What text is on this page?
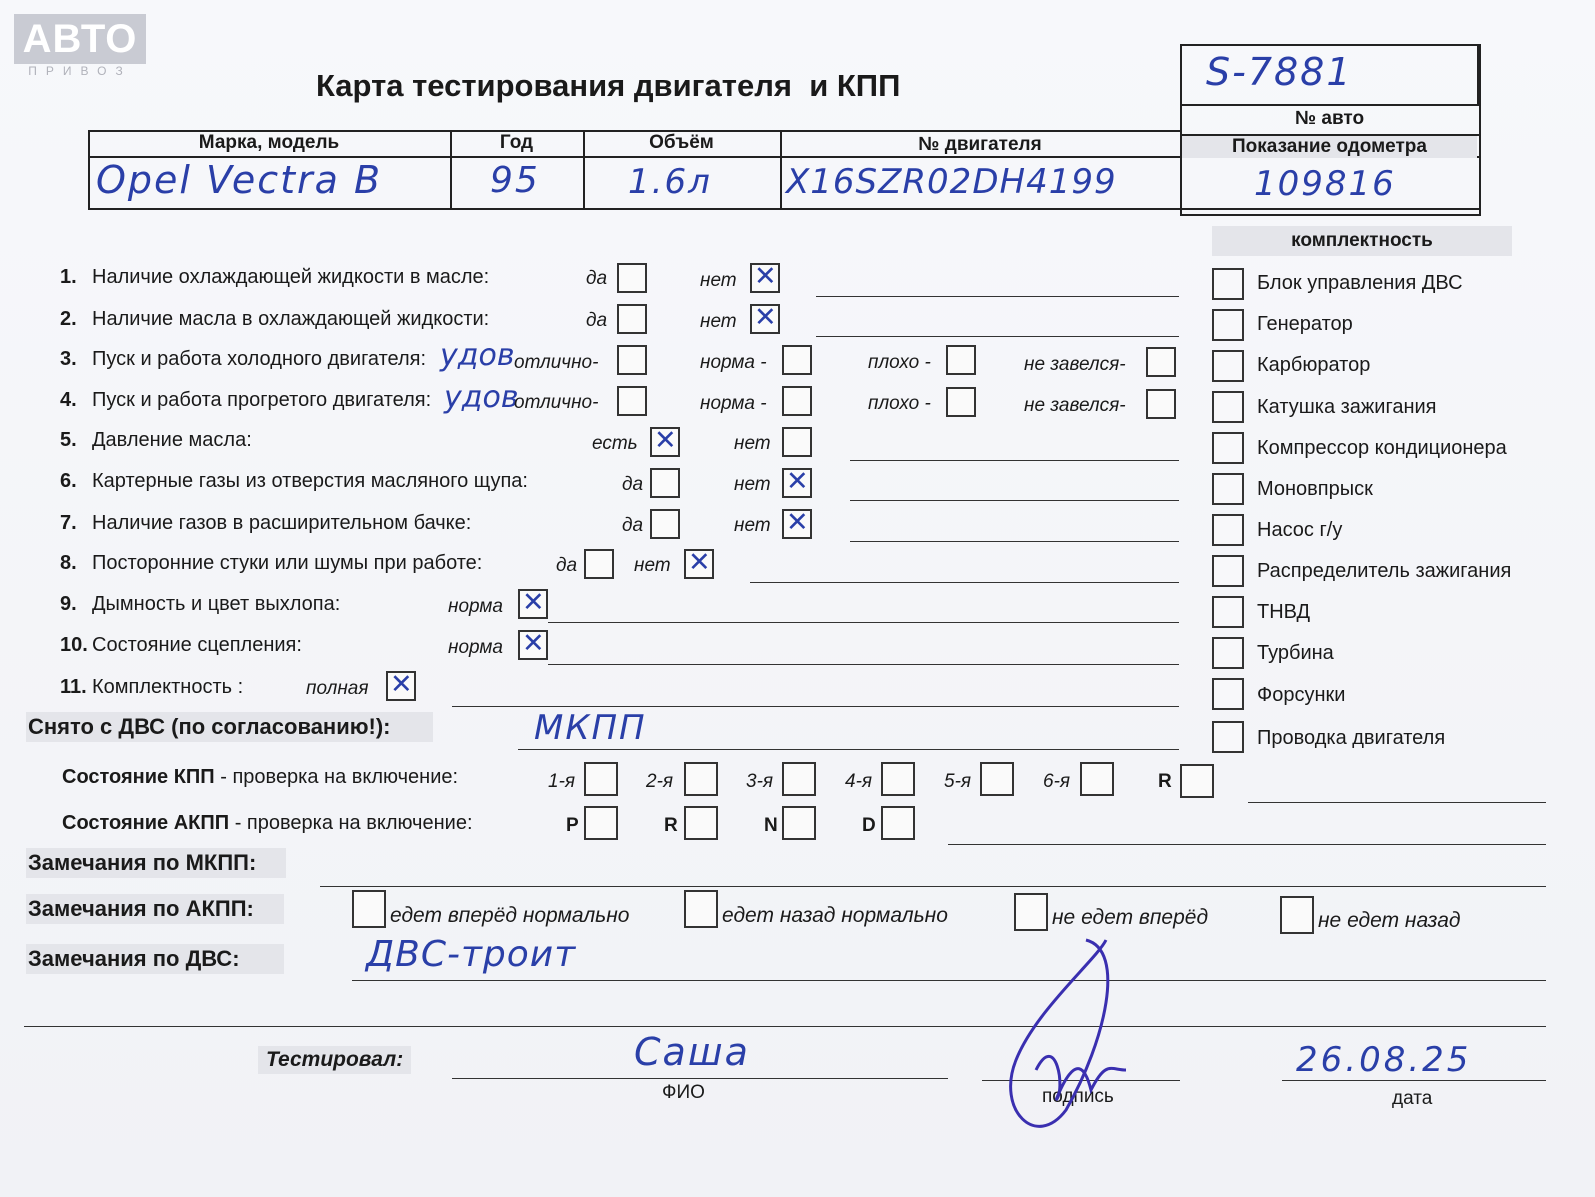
АВТО
ПРИВОЗ	Карта тестирования двигателя  и КПП	S-7881
№ авто
Марка, модель	Год	Объём	№ двигателя	Показание одометра
Opel Vectra B	95	1.6л X16SZR02DH4199	109816
1. Наличие охлаждающей жидкости в масле:	да	нет
✕
2. Наличие масла в охлаждающей жидкости:	да	нет
✕
3. Пуск и работа холодного двигателя: удов отлично-	норма -	плохо -	не завелся-
4. Пуск и работа прогретого двигателя: удов
отлично-	норма -	плохо -	не завелся-
5. Давление масла:	есть
✕	нет
6. Картерные газы из отверстия масляного щупа:	да	нет
✕
7. Наличие газов в расширительном бачке:	да	нет
✕
8. Посторонние стуки или шумы при работе:	да	нет
✕
9. Дымность и цвет выхлопа:	норма
✕
10. Состояние сцепления:	норма
✕
11. Комплектность :	полная
✕
Снято с ДВС (по согласованию!):	МКПП
Состояние КПП - проверка на включение:	1-я	2-я	3-я	4-я	5-я	6-я	R
Состояние АКПП - проверка на включение:	P	R	N	D
Замечания по МКПП:
Замечания по АКПП:	едет вперёд нормально	едет назад нормально	не едет вперёд	не едет назад
Замечания по ДВС:	ДВС-троит
комплектность
Блок управления ДВС
Генератор
Карбюратор
Катушка зажигания
Компрессор кондиционера
Моновпрыск
Насос г/у
Распределитель зажигания
ТНВД
Турбина
Форсунки
Проводка двигателя
Тестировал:	Саша
ФИО	подпись
26.08.25
дата
